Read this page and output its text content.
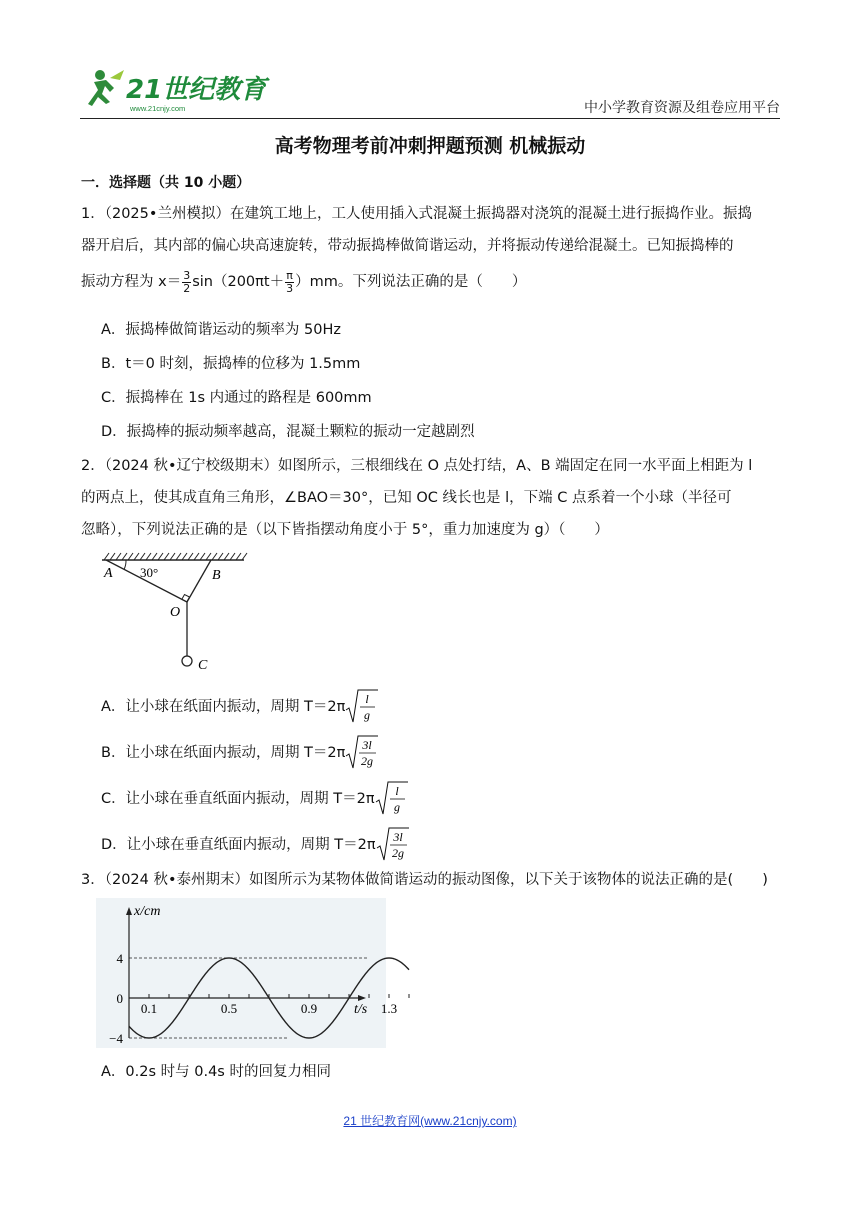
21世纪教育
www.21cnjy.com	中小学教育资源及组卷应用平台
高考物理考前冲刺押题预测 机械振动
一．选择题（共 10 小题）
1．（2025•兰州模拟）在建筑工地上，工人使用插入式混凝土振捣器对浇筑的混凝土进行振捣作业。振捣
器开启后，其内部的偏心块高速旋转，带动振捣棒做简谐运动，并将振动传递给混凝土。已知振捣棒的
振动方程为 $x= \frac{3}{2} \sin(200\pi t+ \frac{\pi}{3} )mm$。下列说法正确的是（　　）
A．振捣棒做简谐运动的频率为 50Hz
B．t＝0 时刻，振捣棒的位移为 1.5mm
C．振捣棒在 1s 内通过的路程是 600mm
D．振捣棒的振动频率越高，混凝土颗粒的振动一定越剧烈
2．（2024 秋•辽宁校级期末）如图所示，三根细线在 O 点处打结，A、B 端固定在同一水平面上相距为 l
的两点上，使其成直角三角形，∠BAO＝30°，已知 OC 线长也是 l，下端 C 点系着一个小球（半径可
忽略），下列说法正确的是（以下皆指摆动角度小于 5°，重力加速度为 g）（　　）
A 30°	B
O
C
A．让小球在纸面内振动，周期 T＝2π l
g
B．让小球在纸面内振动，周期 T＝2π 3l
2g
C．让小球在垂直纸面内振动，周期 T＝2π l
g
D．让小球在垂直纸面内振动，周期 T＝2π 3l
2g
3．（2024 秋•泰州期末）如图所示为某物体做简谐运动的振动图像，以下关于该物体的说法正确的是(　　)
0.1	0.5	0.9	1.3
4
0
−4
x/cm
t/s
A．0.2s 时与 0.4s 时的回复力相同
21 世纪教育网(www.21cnjy.com)
